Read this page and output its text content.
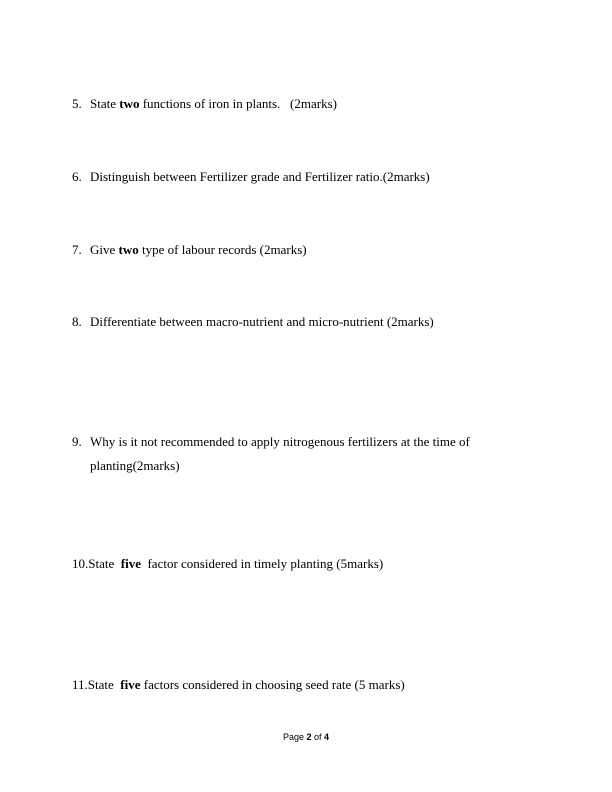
5. State two functions of iron in plants.   (2marks)
6. Distinguish between Fertilizer grade and Fertilizer ratio.(2marks)
7. Give two type of labour records (2marks)
8. Differentiate between macro-nutrient and micro-nutrient (2marks)
9. Why is it not recommended to apply nitrogenous fertilizers at the time of
planting(2marks)
10.State  five  factor considered in timely planting (5marks)
11.State  five factors considered in choosing seed rate (5 marks)
Page 2 of 4
